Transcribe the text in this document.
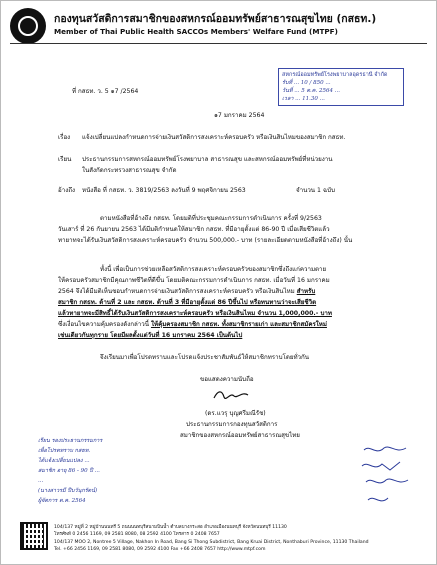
กองทุนสวัสดิการสมาชิกของสหกรณ์ออมทรัพย์สาธารณสุขไทย (กสธท.)
Member of Thai Public Health SACCOs Members' Welfare Fund (MTPF)
สหกรณ์ออมทรัพย์โรงพยาบาลอุดรธานี จำกัด
รับที่ ... 10 / 850 ...
วันที่ ... 5 ต.ค. 2564 ...
เวลา ... 11.30 ...
ที่ กสธท. ว. 5 ๑7 /2564
๑7 มกราคม 2564
เรื่อง แจ้งเปลี่ยนแปลงกำหนดการจ่ายเงินสวัสดิการสงเคราะห์ครอบครัว หรือเงินสินไหมของสมาชิก กสธท.
เรียน ประธานกรรมการสหกรณ์ออมทรัพย์โรงพยาบาล สาธารณสุข และสหกรณ์ออมทรัพย์ที่หน่วยงาน
ในสังกัดกระทรวงสาธารณสุข จำกัด
อ้างถึง หนังสือ ที่ กสธท. ว. 3819/2563 ลงวันที่ 9 พฤศจิกายน 2563	จำนวน 1 ฉบับ
ตามหนังสือที่อ้างถึง กสธท. โดยมติที่ประชุมคณะกรรมการดำเนินการ ครั้งที่ 9/2563
วันเสาร์ ที่ 26 กันยายน 2563 ได้มีมติกำหนดให้สมาชิก กสธท. ที่มีอายุตั้งแต่ 86-90 ปี เมื่อเสียชีวิตแล้ว
ทายาทจะได้รับเงินสวัสดิการสงเคราะห์ครอบครัว จำนวน 500,000.- บาท (รายละเอียดตามหนังสือที่อ้างถึง) นั้น
ทั้งนี้ เพื่อเป็นการช่วยเหลือสวัสดิการสงเคราะห์ครอบครัวของสมาชิกซึ่งถึงแก่ความตาย
ให้ครอบครัวสมาชิกมีคุณภาพชีวิตที่ดีขึ้น โดยมติคณะกรรมการดำเนินการ กสธท. เมื่อวันที่ 16 มกราคม
2564 จึงได้มีมติเห็นชอบกำหนดการจ่ายเงินสวัสดิการสงเคราะห์ครอบครัว หรือเงินสินไหม สำหรับ
สมาชิก กสธท. ด้านที่ 2 และ กสธท. ด้านที่ 3 ที่มีอายุตั้งแต่ 86 ปีขึ้นไป หรือทนทานว่าจะเสียชีวิต
แล้วทายาทจะมีสิทธิ์ได้รับเงินสวัสดิการสงเคราะห์ครอบครัว หรือเงินสินไหม จำนวน 1,000,000.- บาท
ซึ่งเงื่อนไขความคุ้มครองดังกล่าวนี้ ให้คุ้มครองสมาชิก กสธท. ทั้งสมาชิกรายเก่า และสมาชิกสมัครใหม่
เช่นเดียวกันทุกราย โดยมีผลตั้งแต่วันที่ 16 มกราคม 2564 เป็นต้นไป
จึงเรียนมาเพื่อโปรดทราบและโปรดแจ้งประชาสัมพันธ์ให้สมาชิกทราบโดยทั่วกัน
ขอแสดงความนับถือ
(ดร.แวรุ บุญศรีมณีรัช)
ประธานกรรมการกองทุนสวัสดิการ
สมาชิกของสหกรณ์ออมทรัพย์สาธารณสุขไทย
เรียน รองประธานกรรมการ
เพื่อโปรดทราบ กสธท.
ได้แจ้งเปลี่ยนแปลง ...
สมาชิก อายุ 86 - 90 ปี ...
...
(นางสาวรมี ปีบวันุกรัตน์)
ผู้จัดการ ต.ค. 2564
104/137 หมู่ที่ 2 หมู่บ้านนนทรี 5 ถนนนนทบุรีสนามบินน้ำ ตำบลบางกระสอ อำเภอเมืองนนทบุรี จังหวัดนนทบุรี 11130
โทรศัพท์ 0 2456 1169, 09 2581 8080, 08 2592 4100 โทรสาร 0 2408 7657
104/137 MOO 2, Nontree 5 Village, Nakhon In Road, Bang Si Thong Subdistrict, Bang Kruai District, Nonthaburi Province, 11130 Thailand
Tel. +66 2456 1169, 09 2581 8080, 09 2592 4100 Fax +66 2408 7657 http://www.mtpf.com
